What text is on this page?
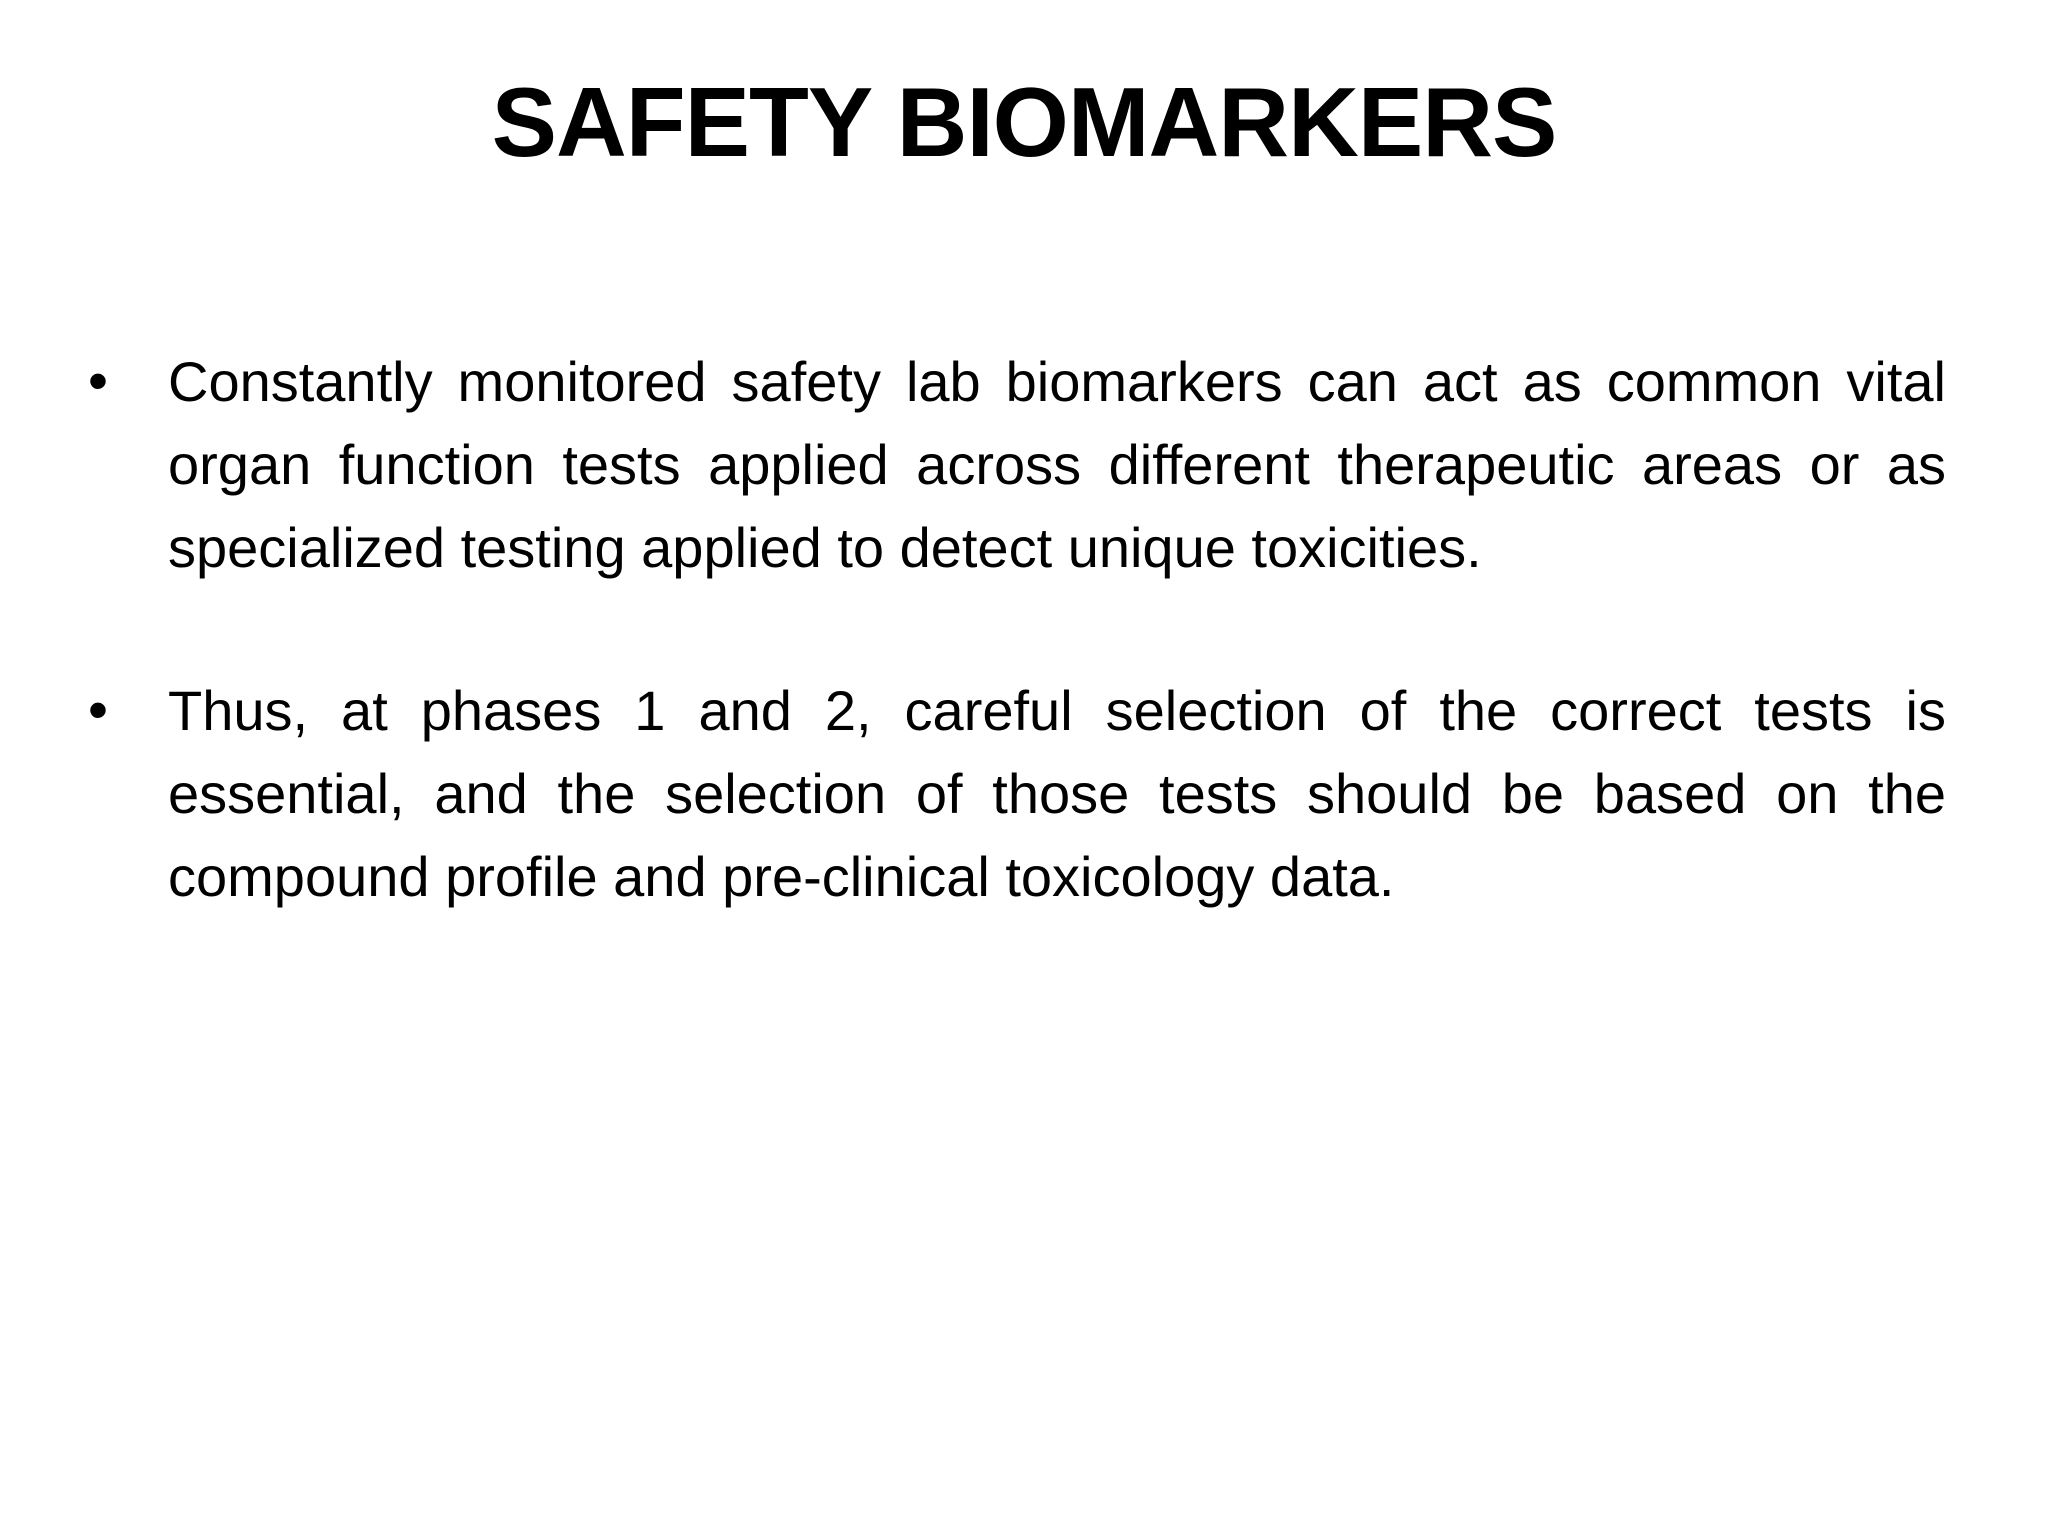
SAFETY BIOMARKERS
• Constantly monitored safety lab biomarkers can act as common vital organ function tests applied across different therapeutic areas or as specialized testing applied to detect unique toxicities.
• Thus, at phases 1 and 2, careful selection of the correct tests is essential, and the selection of those tests should be based on the compound profile and pre-clinical toxicology data.
